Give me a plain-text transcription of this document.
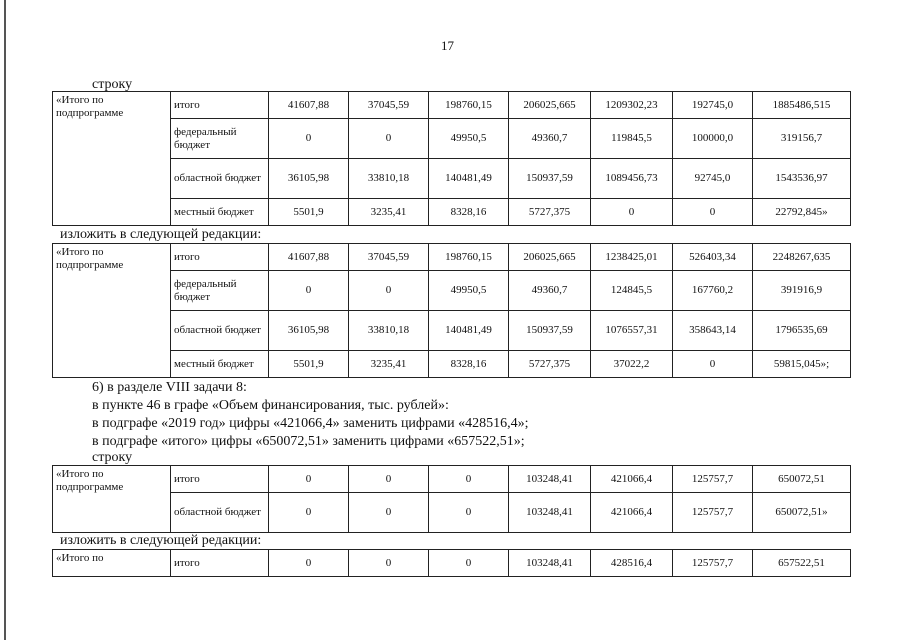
17
строку
«Итого по подпрограмме	итого	41607,88	37045,59	198760,15	206025,665	1209302,23	192745,0	1885486,515
	федеральный бюджет	0	0	49950,5	49360,7	119845,5	100000,0	319156,7
	областной бюджет	36105,98	33810,18	140481,49	150937,59	1089456,73	92745,0	1543536,97
	местный бюджет	5501,9	3235,41	8328,16	5727,375	0	0	22792,845»
изложить в следующей редакции:
«Итого по подпрограмме	итого	41607,88	37045,59	198760,15	206025,665	1238425,01	526403,34	2248267,635
	федеральный бюджет	0	0	49950,5	49360,7	124845,5	167760,2	391916,9
	областной бюджет	36105,98	33810,18	140481,49	150937,59	1076557,31	358643,14	1796535,69
	местный бюджет	5501,9	3235,41	8328,16	5727,375	37022,2	0	59815,045»;
6) в разделе VIII задачи 8:
в пункте 46 в графе «Объем финансирования, тыс. рублей»:
в подграфе «2019 год» цифры «421066,4» заменить цифрами «428516,4»;
в подграфе «итого» цифры «650072,51» заменить цифрами «657522,51»;
строку
«Итого по подпрограмме	итого	0	0	0	103248,41	421066,4	125757,7	650072,51
	областной бюджет	0	0	0	103248,41	421066,4	125757,7	650072,51»
изложить в следующей редакции:
«Итого по	итого	0	0	0	103248,41	428516,4	125757,7	657522,51
